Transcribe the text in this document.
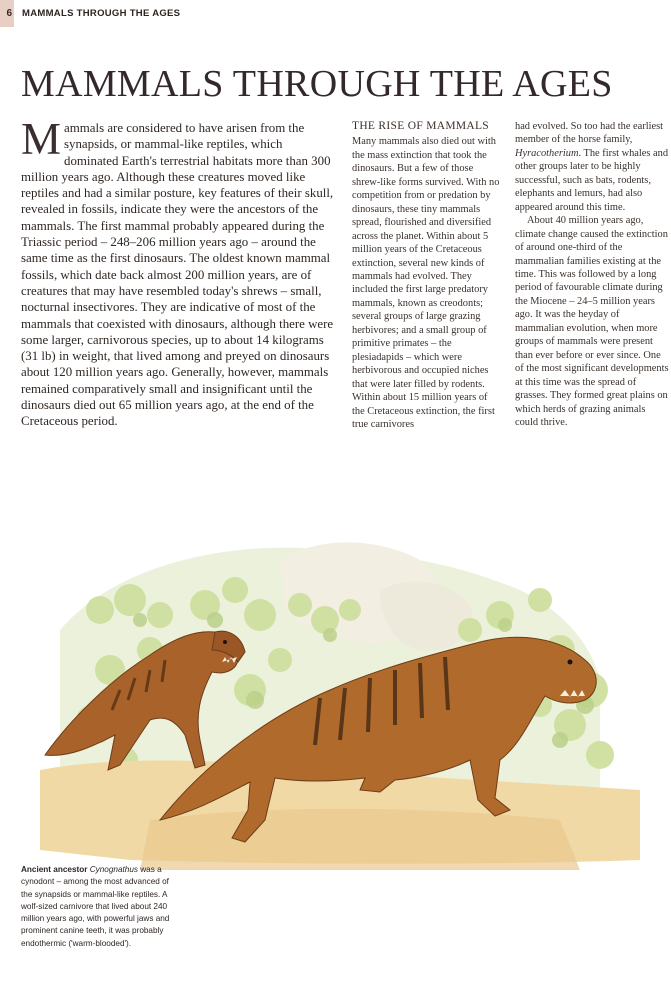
6 MAMMALS THROUGH THE AGES
MAMMALS THROUGH THE AGES

Mammals are considered to have arisen from the synapsids, or mammal-like reptiles, which dominated Earth's terrestrial habitats more than 300 million years ago. Although these creatures moved like reptiles and had a similar posture, key features of their skull, revealed in fossils, indicate they were the ancestors of the mammals. The first mammal probably appeared during the Triassic period – 248–206 million years ago – around the same time as the first dinosaurs. The oldest known mammal fossils, which date back almost 200 million years, are of creatures that may have resembled today's shrews – small, nocturnal insectivores. They are indicative of most of the mammals that coexisted with dinosaurs, although there were some larger, carnivorous species, up to about 14 kilograms (31 lb) in weight, that lived among and preyed on dinosaurs about 120 million years ago. Generally, however, mammals remained comparatively small and insignificant until the dinosaurs died out 65 million years ago, at the end of the Cretaceous period.

THE RISE OF MAMMALS

Many mammals also died out with the mass extinction that took the dinosaurs. But a few of those shrew-like forms survived. With no competition from or predation by dinosaurs, these tiny mammals spread, flourished and diversified across the planet. Within about 5 million years of the Cretaceous extinction, several new kinds of mammals had evolved. They included the first large predatory mammals, known as creodonts; several groups of large grazing herbivores; and a small group of primitive primates – the plesiadapids – which were herbivorous and occupied niches that were later filled by rodents. Within about 15 million years of the Cretaceous extinction, the first true carnivores

had evolved. So too had the earliest member of the horse family, Hyracotherium. The first whales and other groups later to be highly successful, such as bats, rodents, elephants and lemurs, had also appeared around this time.

About 40 million years ago, climate change caused the extinction of around one-third of the mammalian families existing at the time. This was followed by a long period of favourable climate during the Miocene – 24–5 million years ago. It was the heyday of mammalian evolution, when more groups of mammals were present than ever before or ever since. One of the most significant developments at this time was the spread of grasses. They formed great plains on which herds of grazing animals could thrive.

Ancient ancestor Cynognathus was a cynodont – among the most advanced of the synapsids or mammal-like reptiles. A wolf-sized carnivore that lived about 240 million years ago, with powerful jaws and prominent canine teeth, it was probably endothermic ('warm-blooded').
